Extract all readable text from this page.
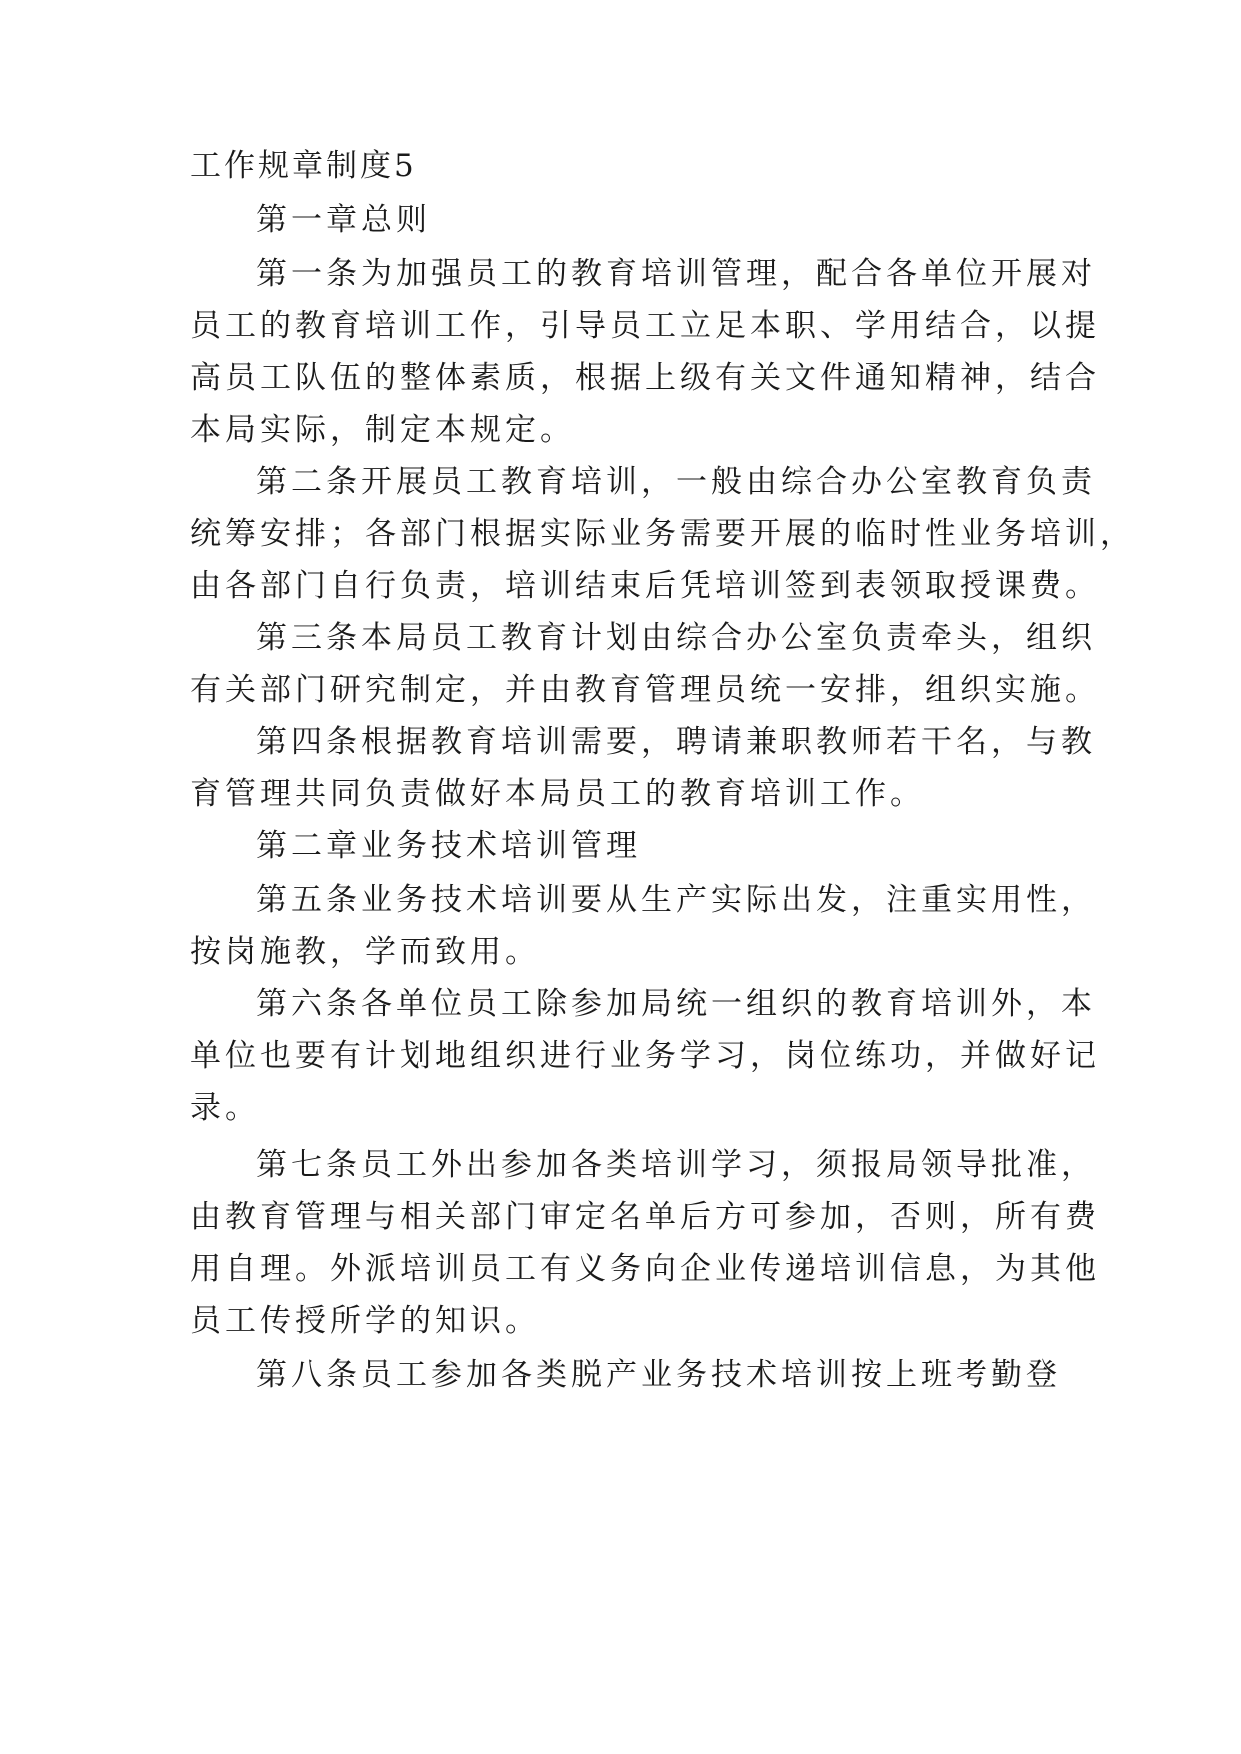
工作规章制度5
第一章总则
第一条为加强员工的教育培训管理，配合各单位开展对
员工的教育培训工作，引导员工立足本职、学用结合，以提
高员工队伍的整体素质，根据上级有关文件通知精神，结合
本局实际，制定本规定。
第二条开展员工教育培训，一般由综合办公室教育负责
统筹安排；各部门根据实际业务需要开展的临时性业务培训，
由各部门自行负责，培训结束后凭培训签到表领取授课费。
第三条本局员工教育计划由综合办公室负责牵头，组织
有关部门研究制定，并由教育管理员统一安排，组织实施。
第四条根据教育培训需要，聘请兼职教师若干名，与教
育管理共同负责做好本局员工的教育培训工作。
第二章业务技术培训管理
第五条业务技术培训要从生产实际出发，注重实用性，
按岗施教，学而致用。
第六条各单位员工除参加局统一组织的教育培训外，本
单位也要有计划地组织进行业务学习，岗位练功，并做好记
录。
第七条员工外出参加各类培训学习，须报局领导批准，
由教育管理与相关部门审定名单后方可参加，否则，所有费
用自理。外派培训员工有义务向企业传递培训信息，为其他
员工传授所学的知识。
第八条员工参加各类脱产业务技术培训按上班考勤登
